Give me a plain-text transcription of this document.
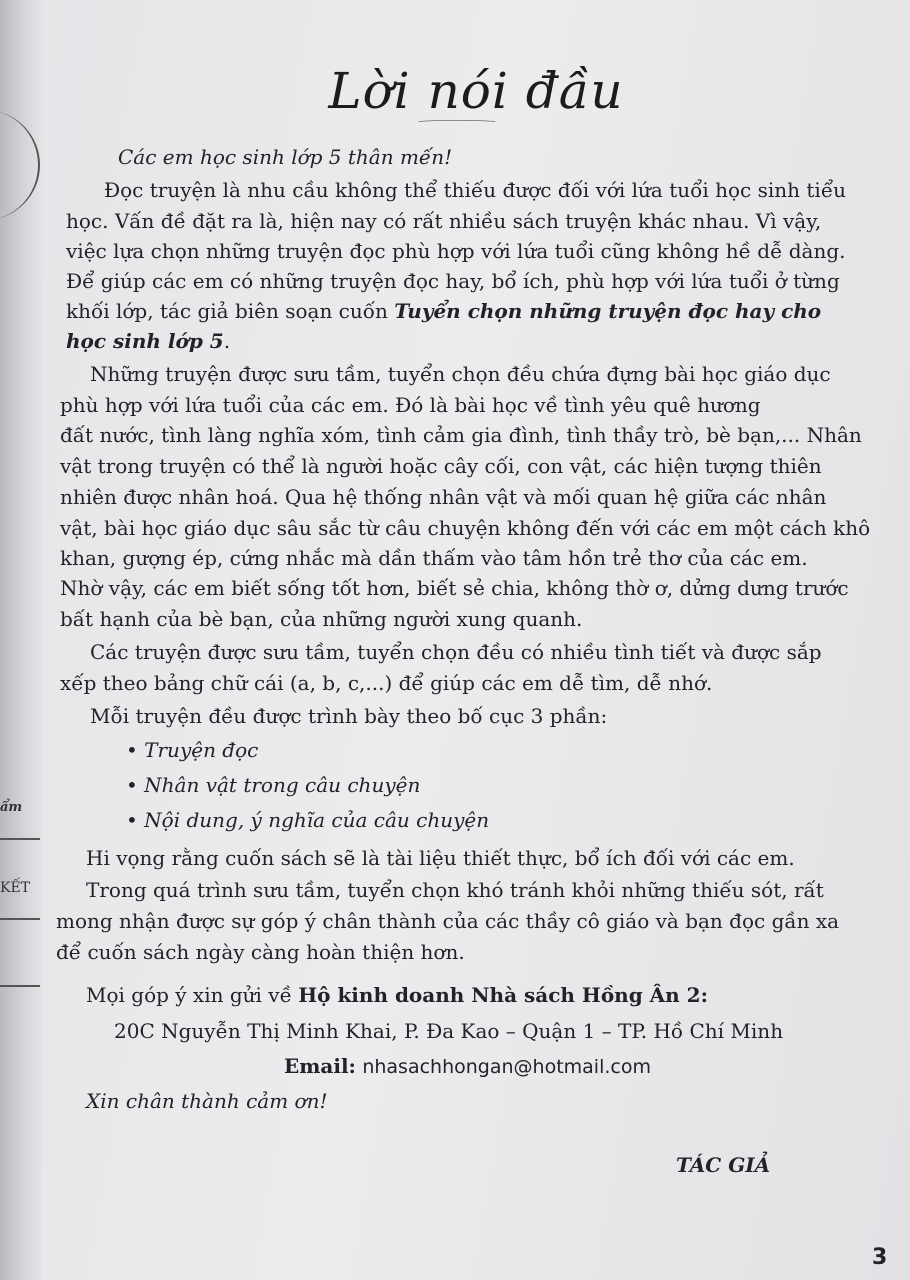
ẩm
KẾT
Lời nói đầu
Các em học sinh lớp 5 thân mến!
Đọc truyện là nhu cầu không thể thiếu được đối với lứa tuổi học sinh tiểu
học. Vấn đề đặt ra là, hiện nay có rất nhiều sách truyện khác nhau. Vì vậy,
việc lựa chọn những truyện đọc phù hợp với lứa tuổi cũng không hề dễ dàng.
Để giúp các em có những truyện đọc hay, bổ ích, phù hợp với lứa tuổi ở từng
khối lớp, tác giả biên soạn cuốn Tuyển chọn những truyện đọc hay cho
học sinh lớp 5.
Những truyện được sưu tầm, tuyển chọn đều chứa đựng bài học giáo dục
phù hợp với lứa tuổi của các em. Đó là bài học về tình yêu quê hương
đất nước, tình làng nghĩa xóm, tình cảm gia đình, tình thầy trò, bè bạn,... Nhân
vật trong truyện có thể là người hoặc cây cối, con vật, các hiện tượng thiên
nhiên được nhân hoá. Qua hệ thống nhân vật và mối quan hệ giữa các nhân
vật, bài học giáo dục sâu sắc từ câu chuyện không đến với các em một cách khô
khan, gượng ép, cứng nhắc mà dần thấm vào tâm hồn trẻ thơ của các em.
Nhờ vậy, các em biết sống tốt hơn, biết sẻ chia, không thờ ơ, dửng dưng trước
bất hạnh của bè bạn, của những người xung quanh.
Các truyện được sưu tầm, tuyển chọn đều có nhiều tình tiết và được sắp
xếp theo bảng chữ cái (a, b, c,...) để giúp các em dễ tìm, dễ nhớ.
Mỗi truyện đều được trình bày theo bố cục 3 phần:
• Truyện đọc
• Nhân vật trong câu chuyện
• Nội dung, ý nghĩa của câu chuyện
Hi vọng rằng cuốn sách sẽ là tài liệu thiết thực, bổ ích đối với các em.
Trong quá trình sưu tầm, tuyển chọn khó tránh khỏi những thiếu sót, rất
mong nhận được sự góp ý chân thành của các thầy cô giáo và bạn đọc gần xa
để cuốn sách ngày càng hoàn thiện hơn.
Mọi góp ý xin gửi về Hộ kinh doanh Nhà sách Hồng Ân 2:
20C Nguyễn Thị Minh Khai, P. Đa Kao – Quận 1 – TP. Hồ Chí Minh
Email: nhasachhongan@hotmail.com
Xin chân thành cảm ơn!
TÁC GIẢ
3
